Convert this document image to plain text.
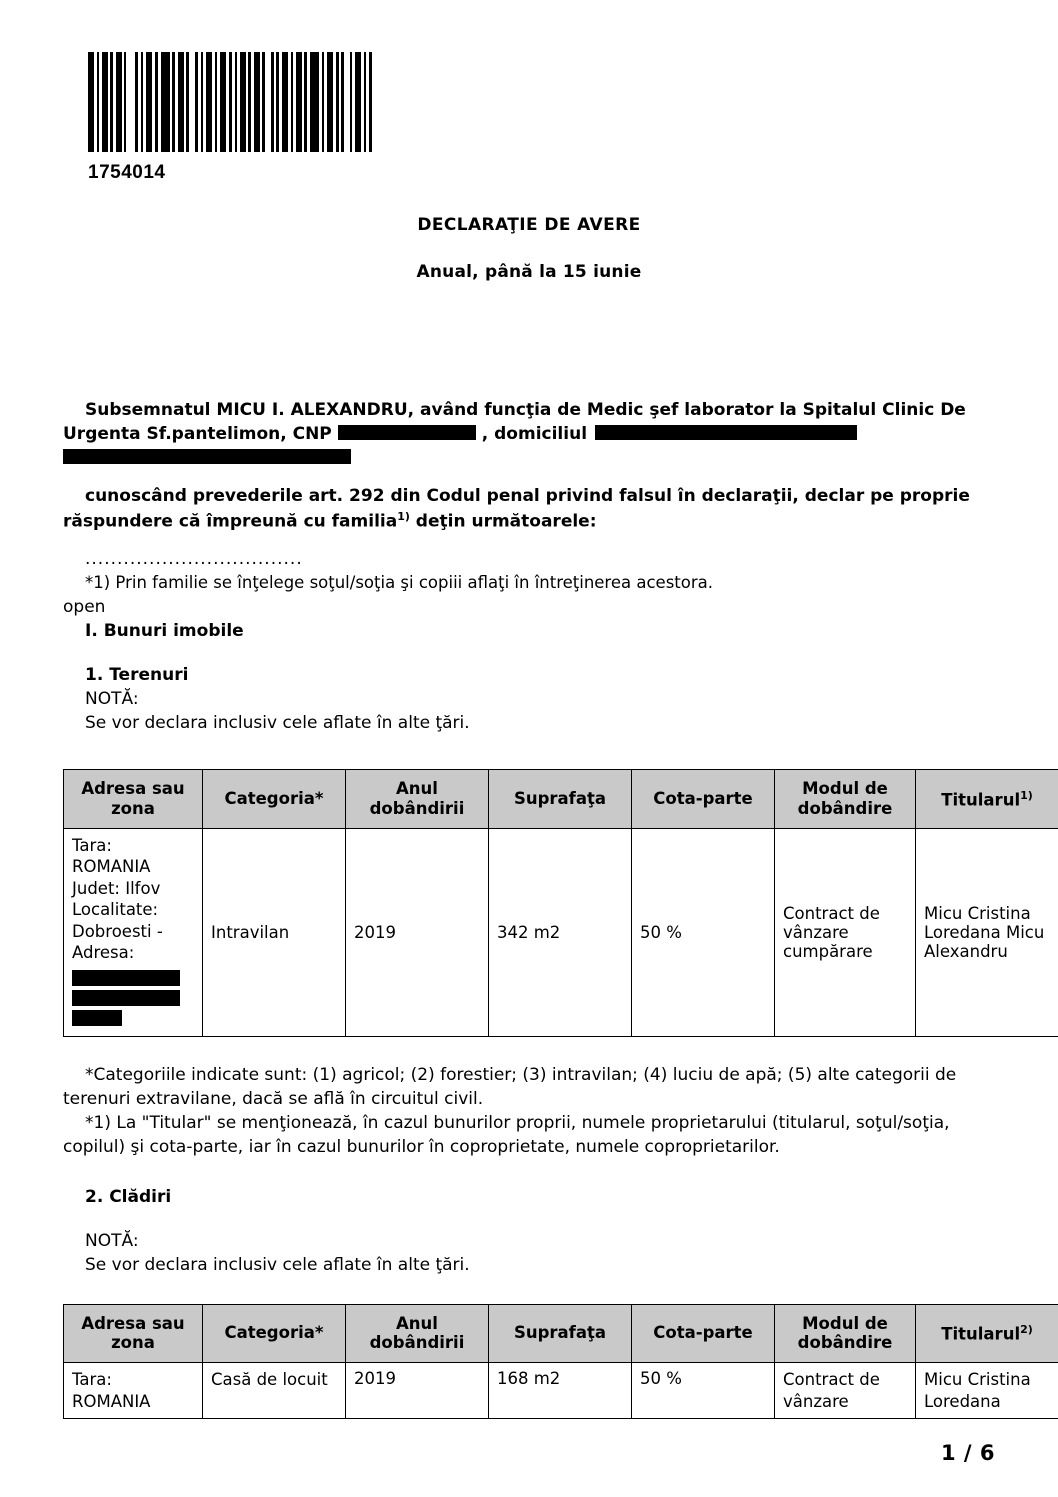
1754014
DECLARAŢIE DE AVERE
Anual, până la 15 iunie

Subsemnatul MICU I. ALEXANDRU, având funcţia de Medic şef laborator la Spitalul Clinic De

Urgenta Sf.pantelimon, CNP	, domiciliul

cunoscând prevederile art. 292 din Codul penal privind falsul în declaraţii, declar pe proprie

răspundere că împreună cu familia$^{1)}$ deţin următoarele:

..................................

*1) Prin familie se înţelege soţul/soţia şi copiii aflaţi în întreţinerea acestora.

open

I. Bunuri imobile

1. Terenuri

NOTĂ:

Se vor declara inclusiv cele aflate în alte ţări.

Adresa sau zona	Categoria*	Anul dobândirii	Suprafaţa	Cota-parte	Modul de dobândire	Titularul$^{1)}$
Tara: ROMANIA Judet: Ilfov Localitate: Dobroesti - Adresa:	Intravilan	2019	342 m2	50 %	Contract de vânzare cumpărare	Micu Cristina Loredana Micu Alexandru

*Categoriile indicate sunt: (1) agricol; (2) forestier; (3) intravilan; (4) luciu de apă; (5) alte categorii de

terenuri extravilane, dacă se află în circuitul civil.

*1) La "Titular" se menţionează, în cazul bunurilor proprii, numele proprietarului (titularul, soţul/soţia,

copilul) şi cota-parte, iar în cazul bunurilor în coproprietate, numele coproprietarilor.

2. Clădiri

NOTĂ:

Se vor declara inclusiv cele aflate în alte ţări.

Adresa sau zona	Categoria*	Anul dobândirii	Suprafaţa	Cota-parte	Modul de dobândire	Titularul$^{2)}$
Tara: ROMANIA	Casă de locuit	2019	168 m2	50 %	Contract de vânzare	Micu Cristina Loredana
1 / 6
